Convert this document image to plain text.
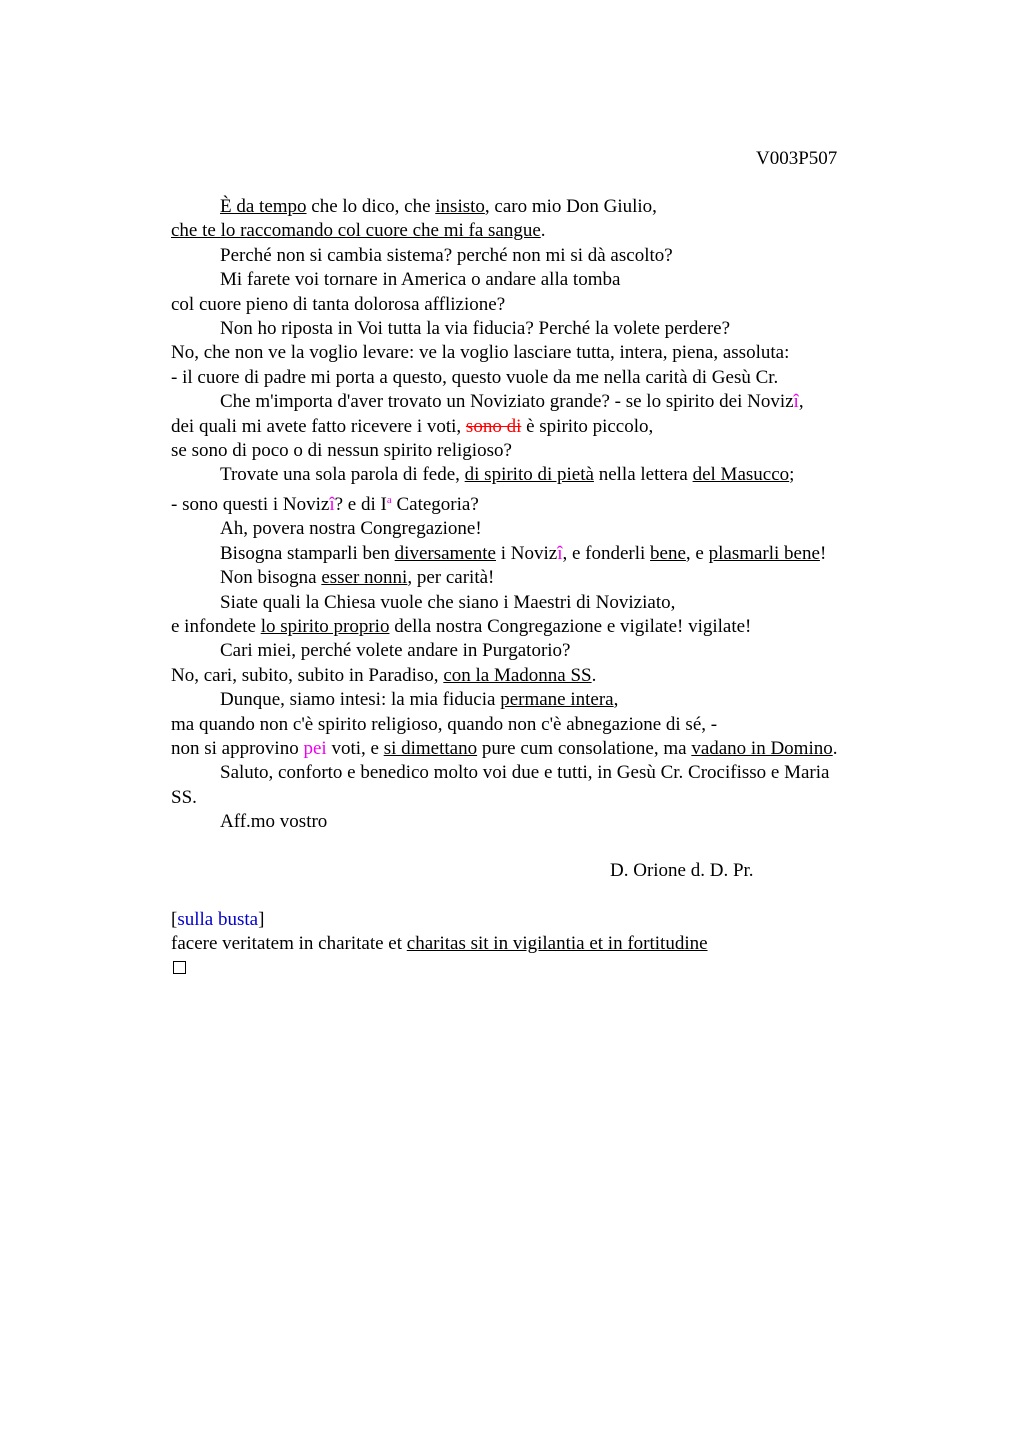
V003P507
È da tempo che lo dico, che insisto, caro mio Don Giulio,
che te lo raccomando col cuore che mi fa sangue.
Perché non si cambia sistema? perché non mi si dà ascolto?
Mi farete voi tornare in America o andare alla tomba
col cuore pieno di tanta dolorosa afflizione?
Non ho riposta in Voi tutta la via fiducia? Perché la volete perdere?
No, che non ve la voglio levare: ve la voglio lasciare tutta, intera, piena, assoluta:
- il cuore di padre mi porta a questo, questo vuole da me nella carità di Gesù Cr.
Che m'importa d'aver trovato un Noviziato grande? - se lo spirito dei Novizî,
dei quali mi avete fatto ricevere i voti, sono di è spirito piccolo,
se sono di poco o di nessun spirito religioso?
Trovate una sola parola di fede, di spirito di pietà nella lettera del Masucco;
- sono questi i Novizî? e di $I^a$ Categoria?
Ah, povera nostra Congregazione!
Bisogna stamparli ben diversamente i Novizî, e fonderli bene, e plasmarli bene!
Non bisogna esser nonni, per carità!
Siate quali la Chiesa vuole che siano i Maestri di Noviziato,
e infondete lo spirito proprio della nostra Congregazione e vigilate! vigilate!
Cari miei, perché volete andare in Purgatorio?
No, cari, subito, subito in Paradiso, con la Madonna SS.
Dunque, siamo intesi: la mia fiducia permane intera,
ma quando non c'è spirito religioso, quando non c'è abnegazione di sé, -
non si approvino pei voti, e si dimettano pure cum consolatione, ma vadano in Domino.
Saluto, conforto e benedico molto voi due e tutti, in Gesù Cr. Crocifisso e Maria
SS.
Aff.mo vostro
D. Orione d. D. Pr.
[sulla busta]
facere veritatem in charitate et charitas sit in vigilantia et in fortitudine
